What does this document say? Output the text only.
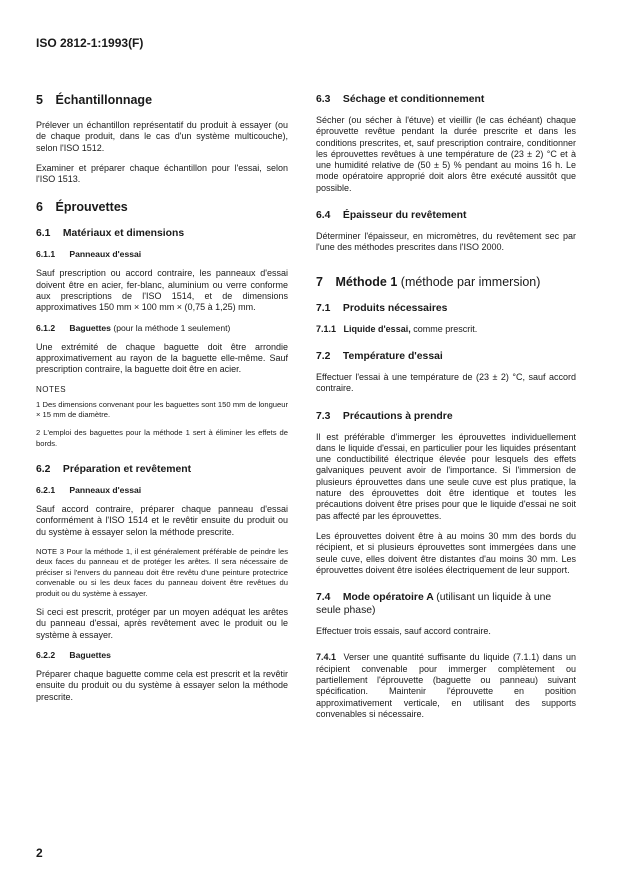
ISO 2812-1:1993(F)
5 Échantillonnage
Prélever un échantillon représentatif du produit à essayer (ou de chaque produit, dans le cas d'un système multicouche), selon l'ISO 1512.
Examiner et préparer chaque échantillon pour l'essai, selon l'ISO 1513.
6 Éprouvettes
6.1 Matériaux et dimensions
6.1.1 Panneaux d'essai
Sauf prescription ou accord contraire, les panneaux d'essai doivent être en acier, fer-blanc, aluminium ou verre conforme aux prescriptions de l'ISO 1514, et de dimensions approximatives 150 mm × 100 mm × (0,75 à 1,25) mm.
6.1.2 Baguettes (pour la méthode 1 seulement)
Une extrémité de chaque baguette doit être arrondie approximativement au rayon de la baguette elle-même. Sauf prescription contraire, la baguette doit être en acier.
NOTES
1 Des dimensions convenant pour les baguettes sont 150 mm de longueur × 15 mm de diamètre.
2 L'emploi des baguettes pour la méthode 1 sert à éliminer les effets de bords.
6.2 Préparation et revêtement
6.2.1 Panneaux d'essai
Sauf accord contraire, préparer chaque panneau d'essai conformément à l'ISO 1514 et le revêtir ensuite du produit ou du système à essayer selon la méthode prescrite.
NOTE 3 Pour la méthode 1, il est généralement préférable de peindre les deux faces du panneau et de protéger les arêtes. Il sera nécessaire de préciser si l'envers du panneau doit être revêtu d'une peinture protectrice convenable ou si les deux faces du panneau doivent être revêtues du produit ou du système à essayer.
Si ceci est prescrit, protéger par un moyen adéquat les arêtes du panneau d'essai, après revêtement avec le produit ou le système à essayer.
6.2.2 Baguettes
Préparer chaque baguette comme cela est prescrit et la revêtir ensuite du produit ou du système à essayer selon la méthode prescrite.
6.3 Séchage et conditionnement
Sécher (ou sécher à l'étuve) et vieillir (le cas échéant) chaque éprouvette revêtue pendant la durée prescrite et dans les conditions prescrites, et, sauf prescription contraire, conditionner les éprouvettes revêtues à une température de (23 ± 2) °C et à une humidité relative de (50 ± 5) % pendant au moins 16 h. Le mode opératoire approprié doit alors être exécuté aussitôt que possible.
6.4 Épaisseur du revêtement
Déterminer l'épaisseur, en micromètres, du revêtement sec par l'une des méthodes prescrites dans l'ISO 2000.
7 Méthode 1 (méthode par immersion)
7.1 Produits nécessaires
7.1.1 Liquide d'essai, comme prescrit.
7.2 Température d'essai
Effectuer l'essai à une température de (23 ± 2) °C, sauf accord contraire.
7.3 Précautions à prendre
Il est préférable d'immerger les éprouvettes individuellement dans le liquide d'essai, en particulier pour les liquides présentant une conductibilité électrique élevée pour lesquels des effets galvaniques peuvent avoir de l'importance. Si l'immersion de plusieurs éprouvettes dans une seule cuve est plus pratique, la nature des éprouvettes doit être identique et toutes les précautions doivent être prises pour que le liquide d'essai ne soit pas affecté par les éprouvettes.
Les éprouvettes doivent être à au moins 30 mm des bords du récipient, et si plusieurs éprouvettes sont immergées dans une seule cuve, elles doivent être distantes d'au moins 30 mm. Les éprouvettes doivent être isolées électriquement de leur support.
7.4 Mode opératoire A (utilisant un liquide à une seule phase)
Effectuer trois essais, sauf accord contraire.
7.4.1 Verser une quantité suffisante du liquide (7.1.1) dans un récipient convenable pour immerger complètement ou partiellement l'éprouvette (baguette ou panneau) suivant spécification. Maintenir l'éprouvette en position approximativement verticale, en utilisant des supports convenables si nécessaire.
2
